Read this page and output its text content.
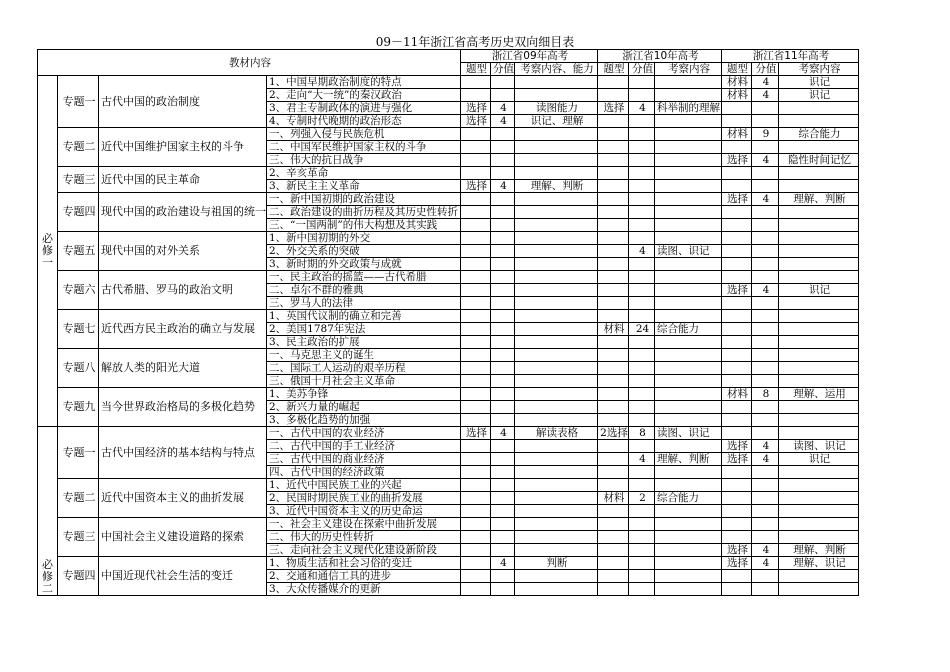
09－11年浙江省高考历史双向细目表
教材内容				浙江省09年高考			浙江省10年高考			浙江省11年高考		
				题型	分值	考察内容、能力	题型	分值	考察内容	题型	分值	考察内容
必修一	专题一	古代中国的政治制度	1、中国早期政治制度的特点							材料	4	识记
			2、走向“大一统”的秦汉政治							材料	4	识记
			3、君主专制政体的演进与强化	选择	4	读图能力	选择	4	科举制的理解			
			4、专制时代晚期的政治形态	选择	4	识记、理解						
	专题二	近代中国维护国家主权的斗争	一、列强入侵与民族危机							材料	9	综合能力
			二、中国军民维护国家主权的斗争									
			三、伟大的抗日战争							选择	4	隐性时间记忆
	专题三	近代中国的民主革命	2、辛亥革命									
			3、新民主主义革命	选择	4	理解、判断						
	专题四	现代中国的政治建设与祖国的统一	一、新中国初期的政治建设							选择	4	理解、判断
			二、政治建设的曲折历程及其历史性转折									
			三、“一国两制”的伟大构想及其实践									
	专题五	现代中国的对外关系	1、新中国初期的外交									
			2、外交关系的突破					4	读图、识记			
			3、新时期的外交政策与成就									
	专题六	古代希腊、罗马的政治文明	一、民主政治的摇篮——古代希腊									
			二、卓尔不群的雅典							选择	4	识记
			三、罗马人的法律									
	专题七	近代西方民主政治的确立与发展	1、英国代议制的确立和完善									
			2、美国1787年宪法				材料	24	综合能力			
			3、民主政治的扩展									
	专题八	解放人类的阳光大道	一、马克思主义的诞生									
			二、国际工人运动的艰辛历程									
			三、俄国十月社会主义革命									
	专题九	当今世界政治格局的多极化趋势	1、美苏争锋							材料	8	理解、运用
			2、新兴力量的崛起									
			3、多极化趋势的加强									
必修二	专题一	古代中国经济的基本结构与特点	一、古代中国的农业经济	选择	4	解读表格	2选择	8	读图、识记			
			二、古代中国的手工业经济							选择	4	读图、识记
			三、古代中国的商业经济					4	理解、判断	选择	4	识记
			四、古代中国的经济政策									
	专题二	近代中国资本主义的曲折发展	1、近代中国民族工业的兴起									
			2、民国时期民族工业的曲折发展				材料	2	综合能力			
			3、近代中国资本主义的历史命运									
	专题三	中国社会主义建设道路的探索	一、社会主义建设在探索中曲折发展									
			二、伟大的历史性转折									
			三、走向社会主义现代化建设新阶段							选择	4	理解、判断
	专题四	中国近现代社会生活的变迁	1、物质生活和社会习俗的变迁		4	判断				选择	4	理解、识记
			2、交通和通信工具的进步									
			3、大众传播媒介的更新									
